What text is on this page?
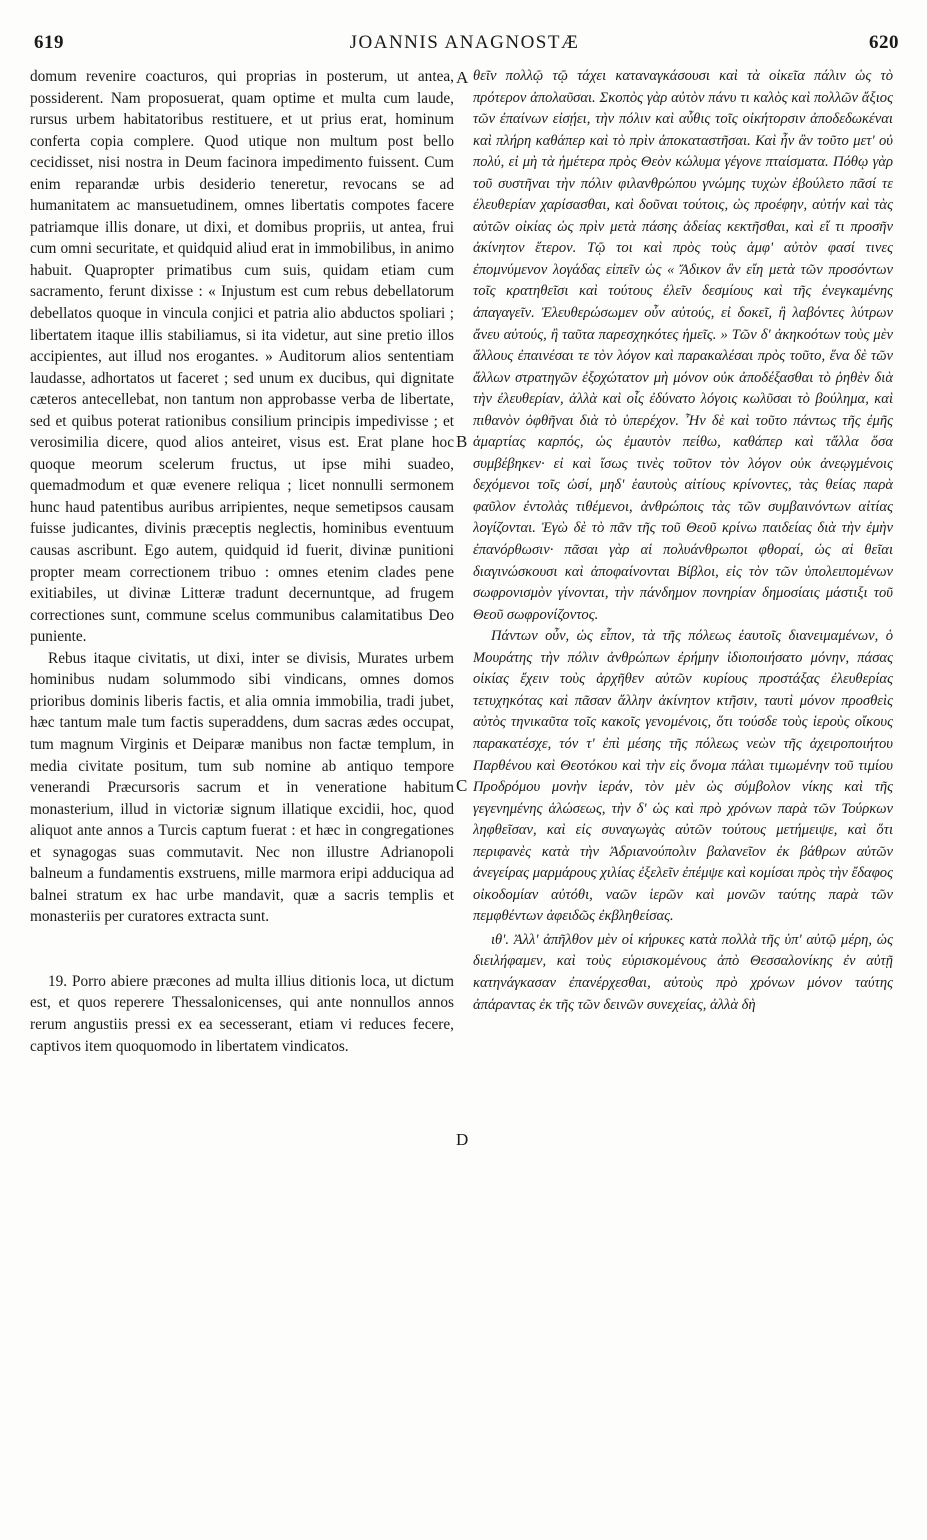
619	JOANNIS ANAGNOSTÆ	620

domum revenire coacturos, qui proprias in posterum, ut antea, possiderent. Nam proposuerat, quam optime et multa cum laude, rursus urbem habitatoribus restituere, et ut prius erat, hominum conferta copia complere. Quod utique non multum post bello cecidisset, nisi nostra in Deum facinora impedimento fuissent. Cum enim reparandæ urbis desiderio teneretur, revocans se ad humanitatem ac mansuetudinem, omnes libertatis compotes facere patriamque illis donare, ut dixi, et domibus propriis, ut antea, frui cum omni securitate, et quidquid aliud erat in immobilibus, in animo habuit. Quapropter primatibus cum suis, quidam etiam cum sacramento, ferunt dixisse : « Injustum est cum rebus debellatorum debellatos quoque in vincula conjici et patria alio abductos spoliari ; libertatem itaque illis stabiliamus, si ita videtur, aut sine pretio illos accipientes, aut illud nos erogantes. » Auditorum alios sententiam laudasse, adhortatos ut faceret ; sed unum ex ducibus, qui dignitate cæteros antecellebat, non tantum non approbasse verba de libertate, sed et quibus poterat rationibus consilium principis impedivisse ; et verosimilia dicere, quod alios anteiret, visus est. Erat plane hoc quoque meorum scelerum fructus, ut ipse mihi suadeo, quemadmodum et quæ evenere reliqua ; licet nonnulli sermonem hunc haud patentibus auribus arripientes, neque semetipsos causam fuisse judicantes, divinis præceptis neglectis, hominibus eventuum causas ascribunt. Ego autem, quidquid id fuerit, divinæ punitioni propter meam correctionem tribuo : omnes etenim clades pene exitiabiles, ut divinæ Litteræ tradunt decernuntque, ad frugem correctiones sunt, commune scelus communibus calamitatibus Deo puniente.

Rebus itaque civitatis, ut dixi, inter se divisis, Murates urbem hominibus nudam solummodo sibi vindicans, omnes domos prioribus dominis liberis factis, et alia omnia immobilia, tradi jubet, hæc tantum male tum factis superaddens, dum sacras ædes occupat, tum magnum Virginis et Deiparæ manibus non factæ templum, in media civitate positum, tum sub nomine ab antiquo tempore venerandi Præcursoris sacrum et in veneratione habitum monasterium, illud in victoriæ signum illatique excidii, hoc, quod aliquot ante annos a Turcis captum fuerat : et hæc in congregationes et synagogas suas commutavit. Nec non illustre Adrianopoli balneum a fundamentis exstruens, mille marmora eripi adduciqua ad balnei stratum ex hac urbe mandavit, quæ a sacris templis et monasteriis per curatores extracta sunt.

19. Porro abiere præcones ad multa illius ditionis loca, ut dictum est, et quos reperere Thessalonicenses, qui ante nonnullos annos rerum angustiis pressi ex ea secesserant, etiam vi reduces fecere, captivos item quoquomodo in libertatem vindicatos.

A
B
C
D

θεῖν πολλῷ τῷ τάχει καταναγκάσουσι καὶ τὰ οἰκεῖα πάλιν ὡς τὸ πρότερον ἀπολαῦσαι. Σκοπὸς γὰρ αὐτὸν πάνυ τι καλὸς καὶ πολλῶν ἄξιος τῶν ἐπαίνων εἰσῄει, τὴν πόλιν καὶ αὖθις τοῖς οἰκήτορσιν ἀποδεδωκέναι καὶ πλήρη καθάπερ καὶ τὸ πρὶν ἀποκαταστῆσαι. Καὶ ἦν ἂν τοῦτο μετ' οὐ πολύ, εἰ μὴ τὰ ἡμέτερα πρὸς Θεὸν κώλυμα γέγονε πταίσματα. Πόθῳ γὰρ τοῦ συστῆναι τὴν πόλιν φιλανθρώπου γνώμης τυχὼν ἐβούλετο πᾶσί τε ἐλευθερίαν χαρίσασθαι, καὶ δοῦναι τούτοις, ὡς προέφην, αὐτήν καὶ τὰς αὐτῶν οἰκίας ὡς πρὶν μετὰ πάσης ἀδείας κεκτῆσθαι, καὶ εἴ τι προσῆν ἀκίνητον ἕτερον. Τῷ τοι καὶ πρὸς τοὺς ἀμφ' αὐτὸν φασί τινες ἐπομνύμενον λογάδας εἰπεῖν ὡς « Ἄδικον ἂν εἴη μετὰ τῶν προσόντων τοῖς κρατηθεῖσι καὶ τούτους ἐλεῖν δεσμίους καὶ τῆς ἐνεγκαμένης ἀπαγαγεῖν. Ἐλευθερώσωμεν οὖν αὐτούς, εἰ δοκεῖ, ἢ λαβόντες λύτρων ἄνευ αὐτούς, ἢ ταῦτα παρεσχηκότες ἡμεῖς. » Τῶν δ' ἀκηκοότων τοὺς μὲν ἄλλους ἐπαινέσαι τε τὸν λόγον καὶ παρακαλέσαι πρὸς τοῦτο, ἕνα δὲ τῶν ἄλλων στρατηγῶν ἐξοχώτατον μὴ μόνον οὐκ ἀποδέξασθαι τὸ ῥηθὲν διὰ τὴν ἐλευθερίαν, ἀλλὰ καὶ οἷς ἐδύνατο λόγοις κωλῦσαι τὸ βούλημα, καὶ πιθανὸν ὀφθῆναι διὰ τὸ ὑπερέχον. Ἦν δὲ καὶ τοῦτο πάντως τῆς ἐμῆς ἁμαρτίας καρπός, ὡς ἐμαυτὸν πείθω, καθάπερ καὶ τἄλλα ὅσα συμβέβηκεν· εἰ καὶ ἴσως τινὲς τοῦτον τὸν λόγον οὐκ ἀνεῳγμένοις δεχόμενοι τοῖς ὠσί, μηδ' ἑαυτοὺς αἰτίους κρίνοντες, τὰς θείας παρὰ φαῦλον ἐντολὰς τιθέμενοι, ἀνθρώποις τὰς τῶν συμβαινόντων αἰτίας λογίζονται. Ἐγὼ δὲ τὸ πᾶν τῆς τοῦ Θεοῦ κρίνω παιδείας διὰ τὴν ἐμὴν ἐπανόρθωσιν· πᾶσαι γὰρ αἱ πολυάνθρωποι φθοραί, ὡς αἱ θεῖαι διαγινώσκουσι καὶ ἀποφαίνονται Βίβλοι, εἰς τὸν τῶν ὑπολειπομένων σωφρονισμὸν γίνονται, τὴν πάνδημον πονηρίαν δημοσίαις μάστιξι τοῦ Θεοῦ σωφρονίζοντος.

Πάντων οὖν, ὡς εἶπον, τὰ τῆς πόλεως ἑαυτοῖς διανειμαμένων, ὁ Μουράτης τὴν πόλιν ἀνθρώπων ἐρήμην ἰδιοποιήσατο μόνην, πάσας οἰκίας ἔχειν τοὺς ἀρχῆθεν αὐτῶν κυρίους προστάξας ἐλευθερίας τετυχηκότας καὶ πᾶσαν ἄλλην ἀκίνητον κτῆσιν, ταυτὶ μόνον προσθεὶς αὐτὸς τηνικαῦτα τοῖς κακοῖς γενομένοις, ὅτι τούσδε τοὺς ἱεροὺς οἴκους παρακατέσχε, τόν τ' ἐπὶ μέσης τῆς πόλεως νεὼν τῆς ἀχειροποιήτου Παρθένου καὶ Θεοτόκου καὶ τὴν εἰς ὄνομα πάλαι τιμωμένην τοῦ τιμίου Προδρόμου μονὴν ἱεράν, τὸν μὲν ὡς σύμβολον νίκης καὶ τῆς γεγενημένης ἁλώσεως, τὴν δ' ὡς καὶ πρὸ χρόνων παρὰ τῶν Τούρκων ληφθεῖσαν, καὶ εἰς συναγωγὰς αὐτῶν τούτους μετήμειψε, καὶ ὅτι περιφανὲς κατὰ τὴν Ἀδριανούπολιν βαλανεῖον ἐκ βάθρων αὐτῶν ἀνεγείρας μαρμάρους χιλίας ἐξελεῖν ἐπέμψε καὶ κομίσαι πρὸς τὴν ἔδαφος οἰκοδομίαν αὐτόθι, ναῶν ἱερῶν καὶ μονῶν ταύτης παρὰ τῶν πεμφθέντων ἀφειδῶς ἐκβληθείσας.

ιθʹ. Ἀλλ' ἀπῆλθον μὲν οἱ κήρυκες κατὰ πολλὰ τῆς ὑπ' αὐτῷ μέρη, ὡς διειλήφαμεν, καὶ τοὺς εὑρισκομένους ἀπὸ Θεσσαλονίκης ἐν αὐτῇ κατηνάγκασαν ἐπανέρχεσθαι, αὐτοὺς πρὸ χρόνων μόνον ταύτης ἀπάραντας ἐκ τῆς τῶν δεινῶν συνεχείας, ἀλλὰ δὴ
